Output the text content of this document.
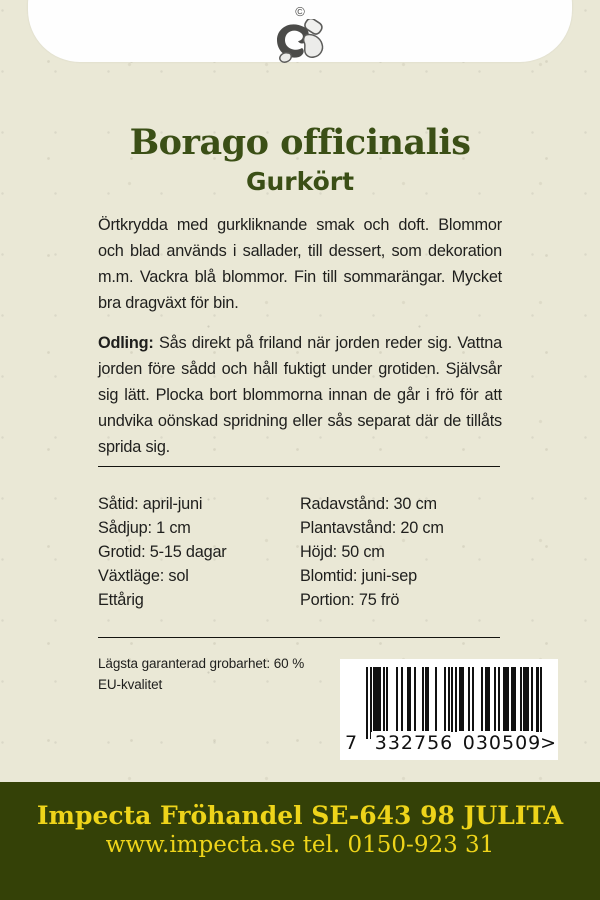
©
Borago officinalis
Gurkört

Örtkrydda med gurkliknande smak och doft. Blommor och blad används i sallader, till dessert, som dekoration m.m. Vackra blå blommor. Fin till sommarängar. Mycket bra dragväxt för bin.

Odling: Sås direkt på friland när jorden reder sig. Vattna jorden före sådd och håll fuktigt under grotiden. Självsår sig lätt. Plocka bort blommorna innan de går i frö för att undvika oönskad spridning eller sås separat där de tillåts sprida sig.

Såtid: april-juni
Sådjup: 1 cm
Grotid: 5-15 dagar
Växtläge: sol
Ettårig
Radavstånd: 30 cm
Plantavstånd: 20 cm
Höjd: 50 cm
Blomtid: juni-sep
Portion: 75 frö
Lägsta garanterad grobarhet: 60 %
EU-kvalitet
7 332756 030509
>
Impecta Fröhandel SE-643 98 JULITA
www.impecta.se tel. 0150-923 31
